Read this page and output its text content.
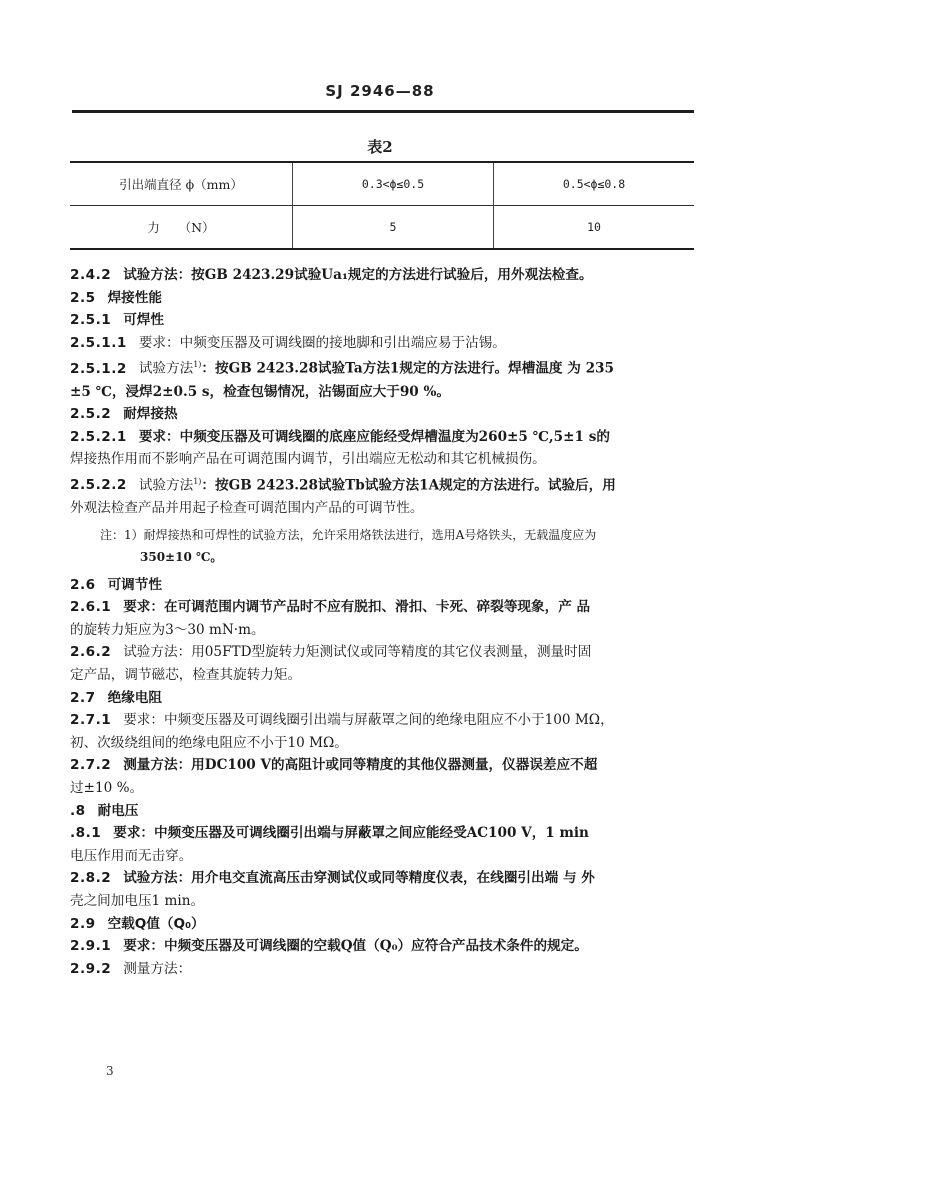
SJ 2946—88
表2
引出端直径 ϕ（mm）	0.3<ϕ≤0.5	0.5<ϕ≤0.8
力　　（N）	5	10

2.4.2 试验方法：按GB 2423.29试验Ua₁规定的方法进行试验后，用外观法检查。

2.5 焊接性能

2.5.1 可焊性

2.5.1.1 要求：中频变压器及可调线圈的接地脚和引出端应易于沾锡。

2.5.1.2 试验方法$^{1)}$：按GB 2423.28试验Ta方法1规定的方法进行。焊槽温度 为 235

±5 ℃，浸焊2±0.5 s，检查包锡情况，沾锡面应大于90 %。

2.5.2 耐焊接热

2.5.2.1 要求：中频变压器及可调线圈的底座应能经受焊槽温度为260±5 ℃,5±1 s的

焊接热作用而不影响产品在可调范围内调节，引出端应无松动和其它机械损伤。

2.5.2.2 试验方法$^{1)}$：按GB 2423.28试验Tb试验方法1A规定的方法进行。试验后，用

外观法检查产品并用起子检查可调范围内产品的可调节性。

注：1）耐焊接热和可焊性的试验方法，允许采用烙铁法进行，选用A号烙铁头，无载温度应为
350±10 ℃。

2.6 可调节性

2.6.1 要求：在可调范围内调节产品时不应有脱扣、滑扣、卡死、碎裂等现象，产 品

的旋转力矩应为3～30 mN·m。

2.6.2 试验方法：用05FTD型旋转力矩测试仪或同等精度的其它仪表测量，测量时固

定产品，调节磁芯，检查其旋转力矩。

2.7 绝缘电阻

2.7.1 要求：中频变压器及可调线圈引出端与屏蔽罩之间的绝缘电阻应不小于100 MΩ，

初、次级绕组间的绝缘电阻应不小于10 MΩ。

2.7.2 测量方法：用DC100 V的高阻计或同等精度的其他仪器测量，仪器误差应不超

过±10 %。

.8 耐电压

.8.1 要求：中频变压器及可调线圈引出端与屏蔽罩之间应能经受AC100 V，1 min

电压作用而无击穿。

2.8.2 试验方法：用介电交直流高压击穿测试仪或同等精度仪表，在线圈引出端 与 外

壳之间加电压1 min。

2.9 空载Q值（Q₀）

2.9.1 要求：中频变压器及可调线圈的空载Q值（Q₀）应符合产品技术条件的规定。

2.9.2 测量方法：

3
